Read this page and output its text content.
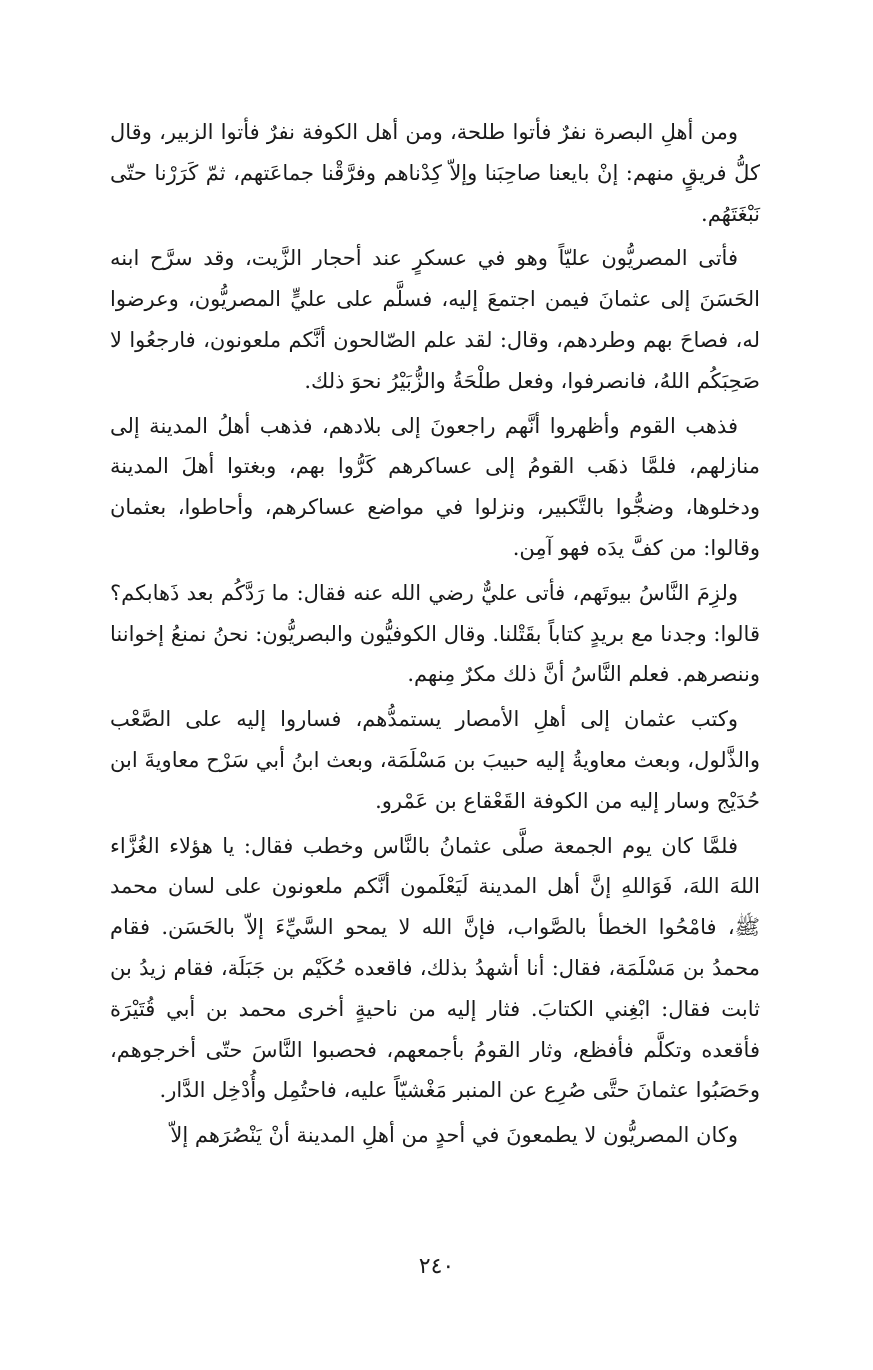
ومن أهلِ البصرة نفرٌ فأتوا طلحة، ومن أهل الكوفة نفرٌ فأتوا الزبير، وقال كلُّ فريقٍ منهم: إنْ بايعنا صاحِبَنا وإلاّ كِدْناهم وفرَّقْنا جماعَتهم، ثمّ كَرَرْنا حتّى نَبْغَتَهُم.

فأتى المصريُّون عليّاً وهو في عسكرٍ عند أحجار الزَّيت، وقد سرَّح ابنه الحَسَنَ إلى عثمانَ فيمن اجتمعَ إليه، فسلَّم على عليٍّ المصريُّون، وعرضوا له، فصاحَ بهم وطردهم، وقال: لقد علم الصّالحون أنَّكم ملعونون، فارجعُوا لا صَحِبَكُم اللهُ، فانصرفوا، وفعل طلْحَةُ والزُّبَيْرُ نحوَ ذلك.

فذهب القوم وأظهروا أنَّهم راجعونَ إلى بلادهم، فذهب أهلُ المدينة إلى منازلهم، فلمَّا ذهَب القومُ إلى عساكرهم كَرُّوا بهم، وبغتوا أهلَ المدينة ودخلوها، وضجُّوا بالتَّكبير، ونزلوا في مواضع عساكرهم، وأحاطوا، بعثمان وقالوا: من كفَّ يدَه فهو آمِن.

ولزِمَ النَّاسُ بيوتَهم، فأتى عليٌّ رضي الله عنه فقال: ما رَدَّكُم بعد ذَهابكم؟ قالوا: وجدنا مع بريدٍ كتاباً بقَتْلنا. وقال الكوفيُّون والبصريُّون: نحنُ نمنعُ إخواننا وننصرهم. فعلم النَّاسُ أنَّ ذلك مكرٌ مِنهم.

وكتب عثمان إلى أهلِ الأمصار يستمدُّهم، فساروا إليه على الصَّعْب والذَّلول، وبعث معاويةُ إليه حبيبَ بن مَسْلَمَة، وبعث ابنُ أبي سَرْح معاويةَ ابن حُدَيْج وسار إليه من الكوفة القَعْقاع بن عَمْرو.

فلمَّا كان يوم الجمعة صلَّى عثمانُ بالنَّاس وخطب فقال: يا هؤلاء الغُزَّاء اللهَ اللهَ، فَوَاللهِ إنَّ أهل المدينة لَيَعْلَمون أنَّكم ملعونون على لسان محمد ﷺ، فامْحُوا الخطأ بالصَّواب، فإنَّ الله لا يمحو السَّيِّءَ إلاّ بالحَسَن. فقام محمدُ بن مَسْلَمَة، فقال: أنا أشهدُ بذلك، فاقعده حُكَيْم بن جَبَلَة، فقام زيدُ بن ثابت فقال: ابْغِني الكتابَ. فثار إليه من ناحيةٍ أخرى محمد بن أبي قُتَيْرَة فأقعده وتكلَّم فأفظع، وثار القومُ بأجمعهم، فحصبوا النَّاسَ حتّى أخرجوهم، وحَصَبُوا عثمانَ حتَّى صُرِع عن المنبر مَغْشيّاً عليه، فاحتُمِل وأُدْخِل الدَّار.

وكان المصريُّون لا يطمعونَ في أحدٍ من أهلِ المدينة أنْ يَنْصُرَهم إلاّ

٢٤٠
